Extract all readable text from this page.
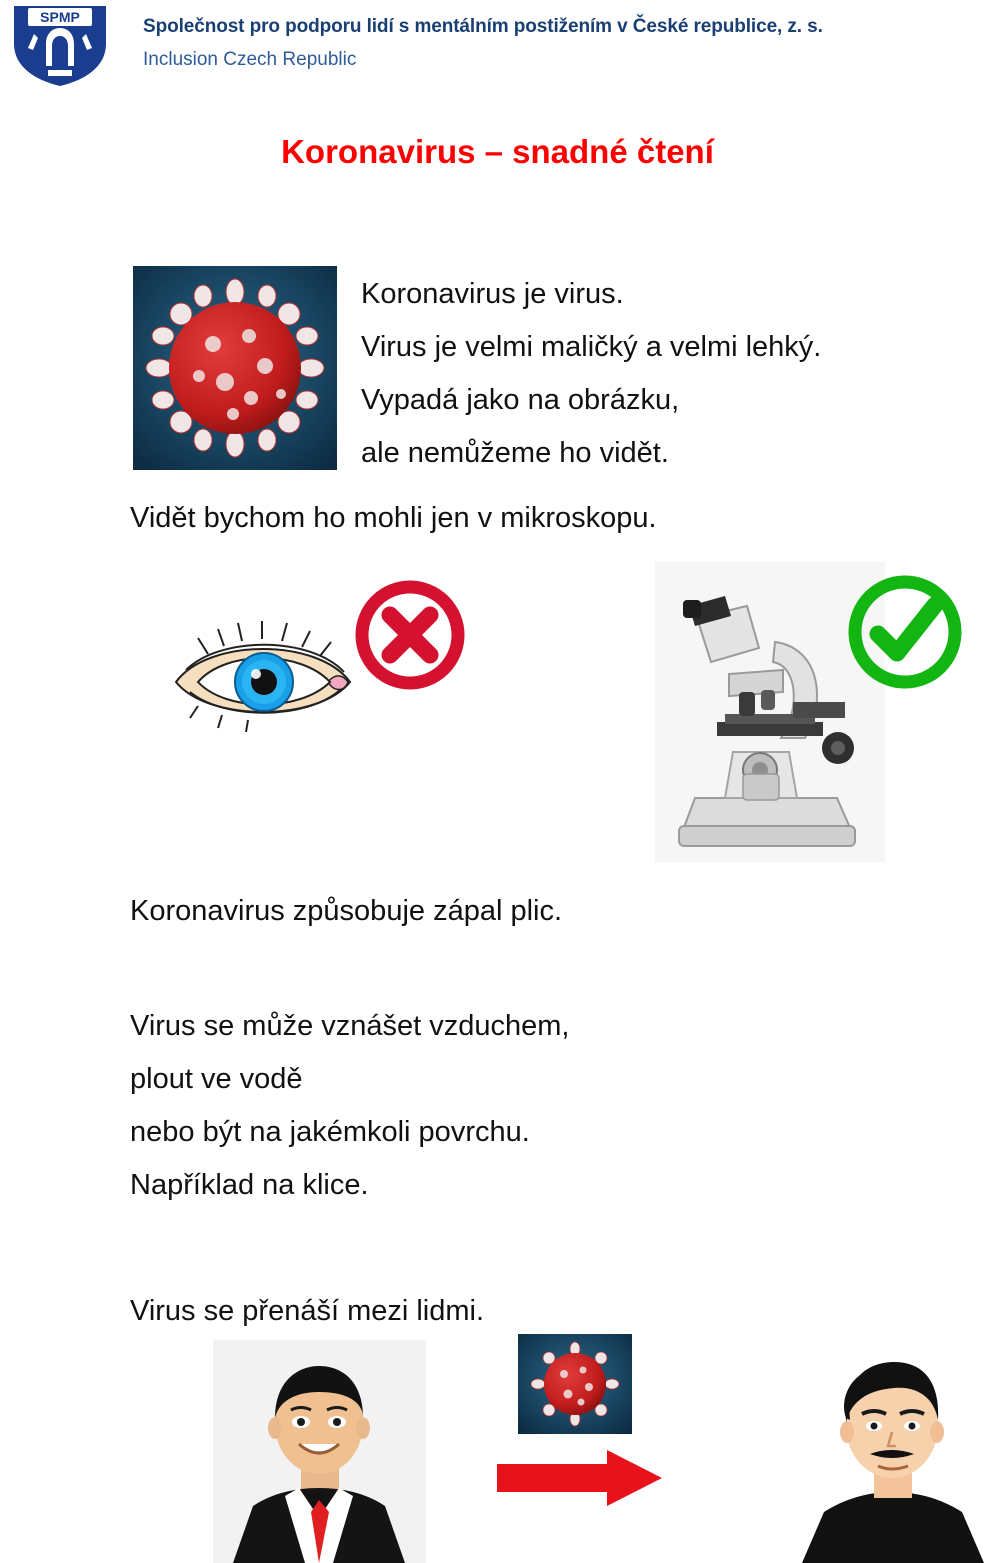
SPMP	Společnost pro podporu lidí s mentálním postižením v České republice, z. s.
Inclusion Czech Republic
Koronavirus – snadné čtení
Koronavirus je virus.
Virus je velmi maličký a velmi lehký.
Vypadá jako na obrázku,
ale nemůžeme ho vidět.
Vidět bychom ho mohli jen v mikroskopu.
Koronavirus způsobuje zápal plic.
Virus se může vznášet vzduchem,
plout ve vodě
nebo být na jakémkoli povrchu.
Například na klice.
Virus se přenáší mezi lidmi.
